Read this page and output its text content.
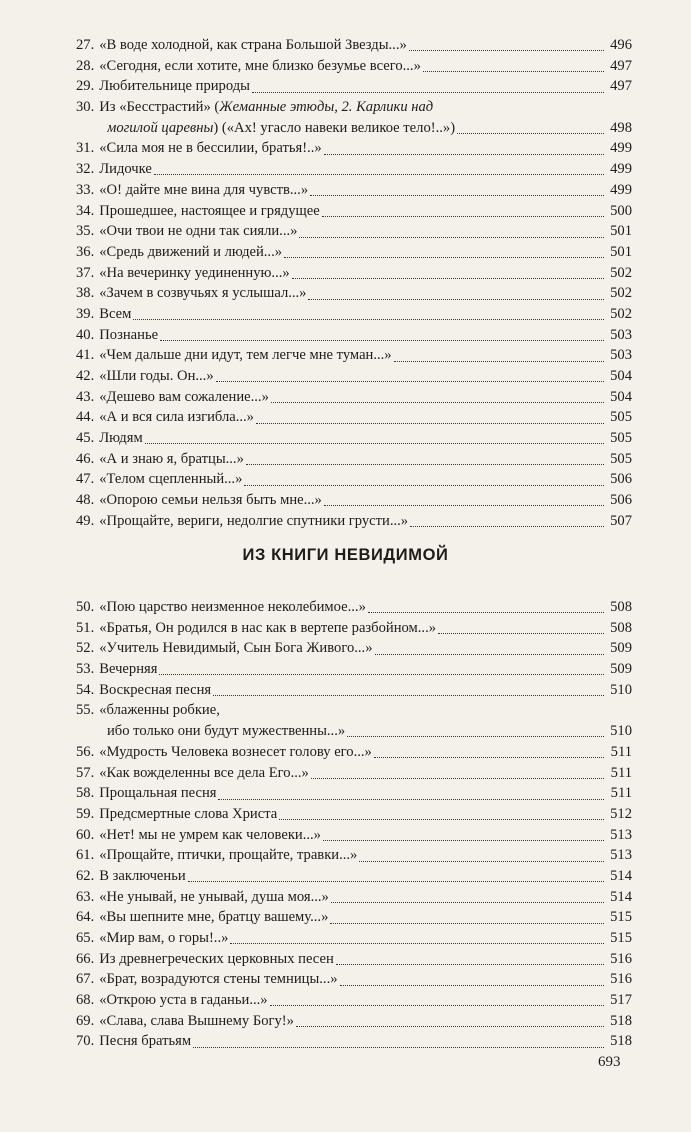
27. «В воде холодной, как страна Большой Звезды...»	496
28. «Сегодня, если хотите, мне близко безумье всего...»	497
29. Любительнице природы	497
30. Из «Бесстрастий» (Жеманные этюды, 2. Карлики над
могилой царевны) («Ах! угасло навеки великое тело!..»)	498
31. «Сила моя не в бессилии, братья!..»	499
32. Лидочке	499
33. «О! дайте мне вина для чувств...»	499
34. Прошедшее, настоящее и грядущее	500
35. «Очи твои не одни так сияли...»	501
36. «Средь движений и людей...»	501
37. «На вечеринку уединенную...»	502
38. «Зачем в созвучьях я услышал...»	502
39. Всем	502
40. Познанье	503
41. «Чем дальше дни идут, тем легче мне туман...»	503
42. «Шли годы. Он...»	504
43. «Дешево вам сожаление...»	504
44. «А и вся сила изгибла...»	505
45. Людям	505
46. «А и знаю я, братцы...»	505
47. «Телом сцепленный...»	506
48. «Опорою семьи нельзя быть мне...»	506
49. «Прощайте, вериги, недолгие спутники грусти...»	507
ИЗ КНИГИ НЕВИДИМОЙ
50. «Пою царство неизменное неколебимое...»	508
51. «Братья, Он родился в нас как в вертепе разбойном...»	508
52. «Учитель Невидимый, Сын Бога Живого...»	509
53. Вечерняя	509
54. Воскресная песня	510
55. «блаженны робкие,
ибо только они будут мужественны...»	510
56. «Мудрость Человека вознесет голову его...»	511
57. «Как вожделенны все дела Его...»	511
58. Прощальная песня	511
59. Предсмертные слова Христа	512
60. «Нет! мы не умрем как человеки...»	513
61. «Прощайте, птички, прощайте, травки...»	513
62. В заключеньи	514
63. «Не унывай, не унывай, душа моя...»	514
64. «Вы шепните мне, братцу вашему...»	515
65. «Мир вам, о горы!..»	515
66. Из древнегреческих церковных песен	516
67. «Брат, возрадуются стены темницы...»	516
68. «Открою уста в гаданьи...»	517
69. «Слава, слава Вышнему Богу!»	518
70. Песня братьям	518
693
